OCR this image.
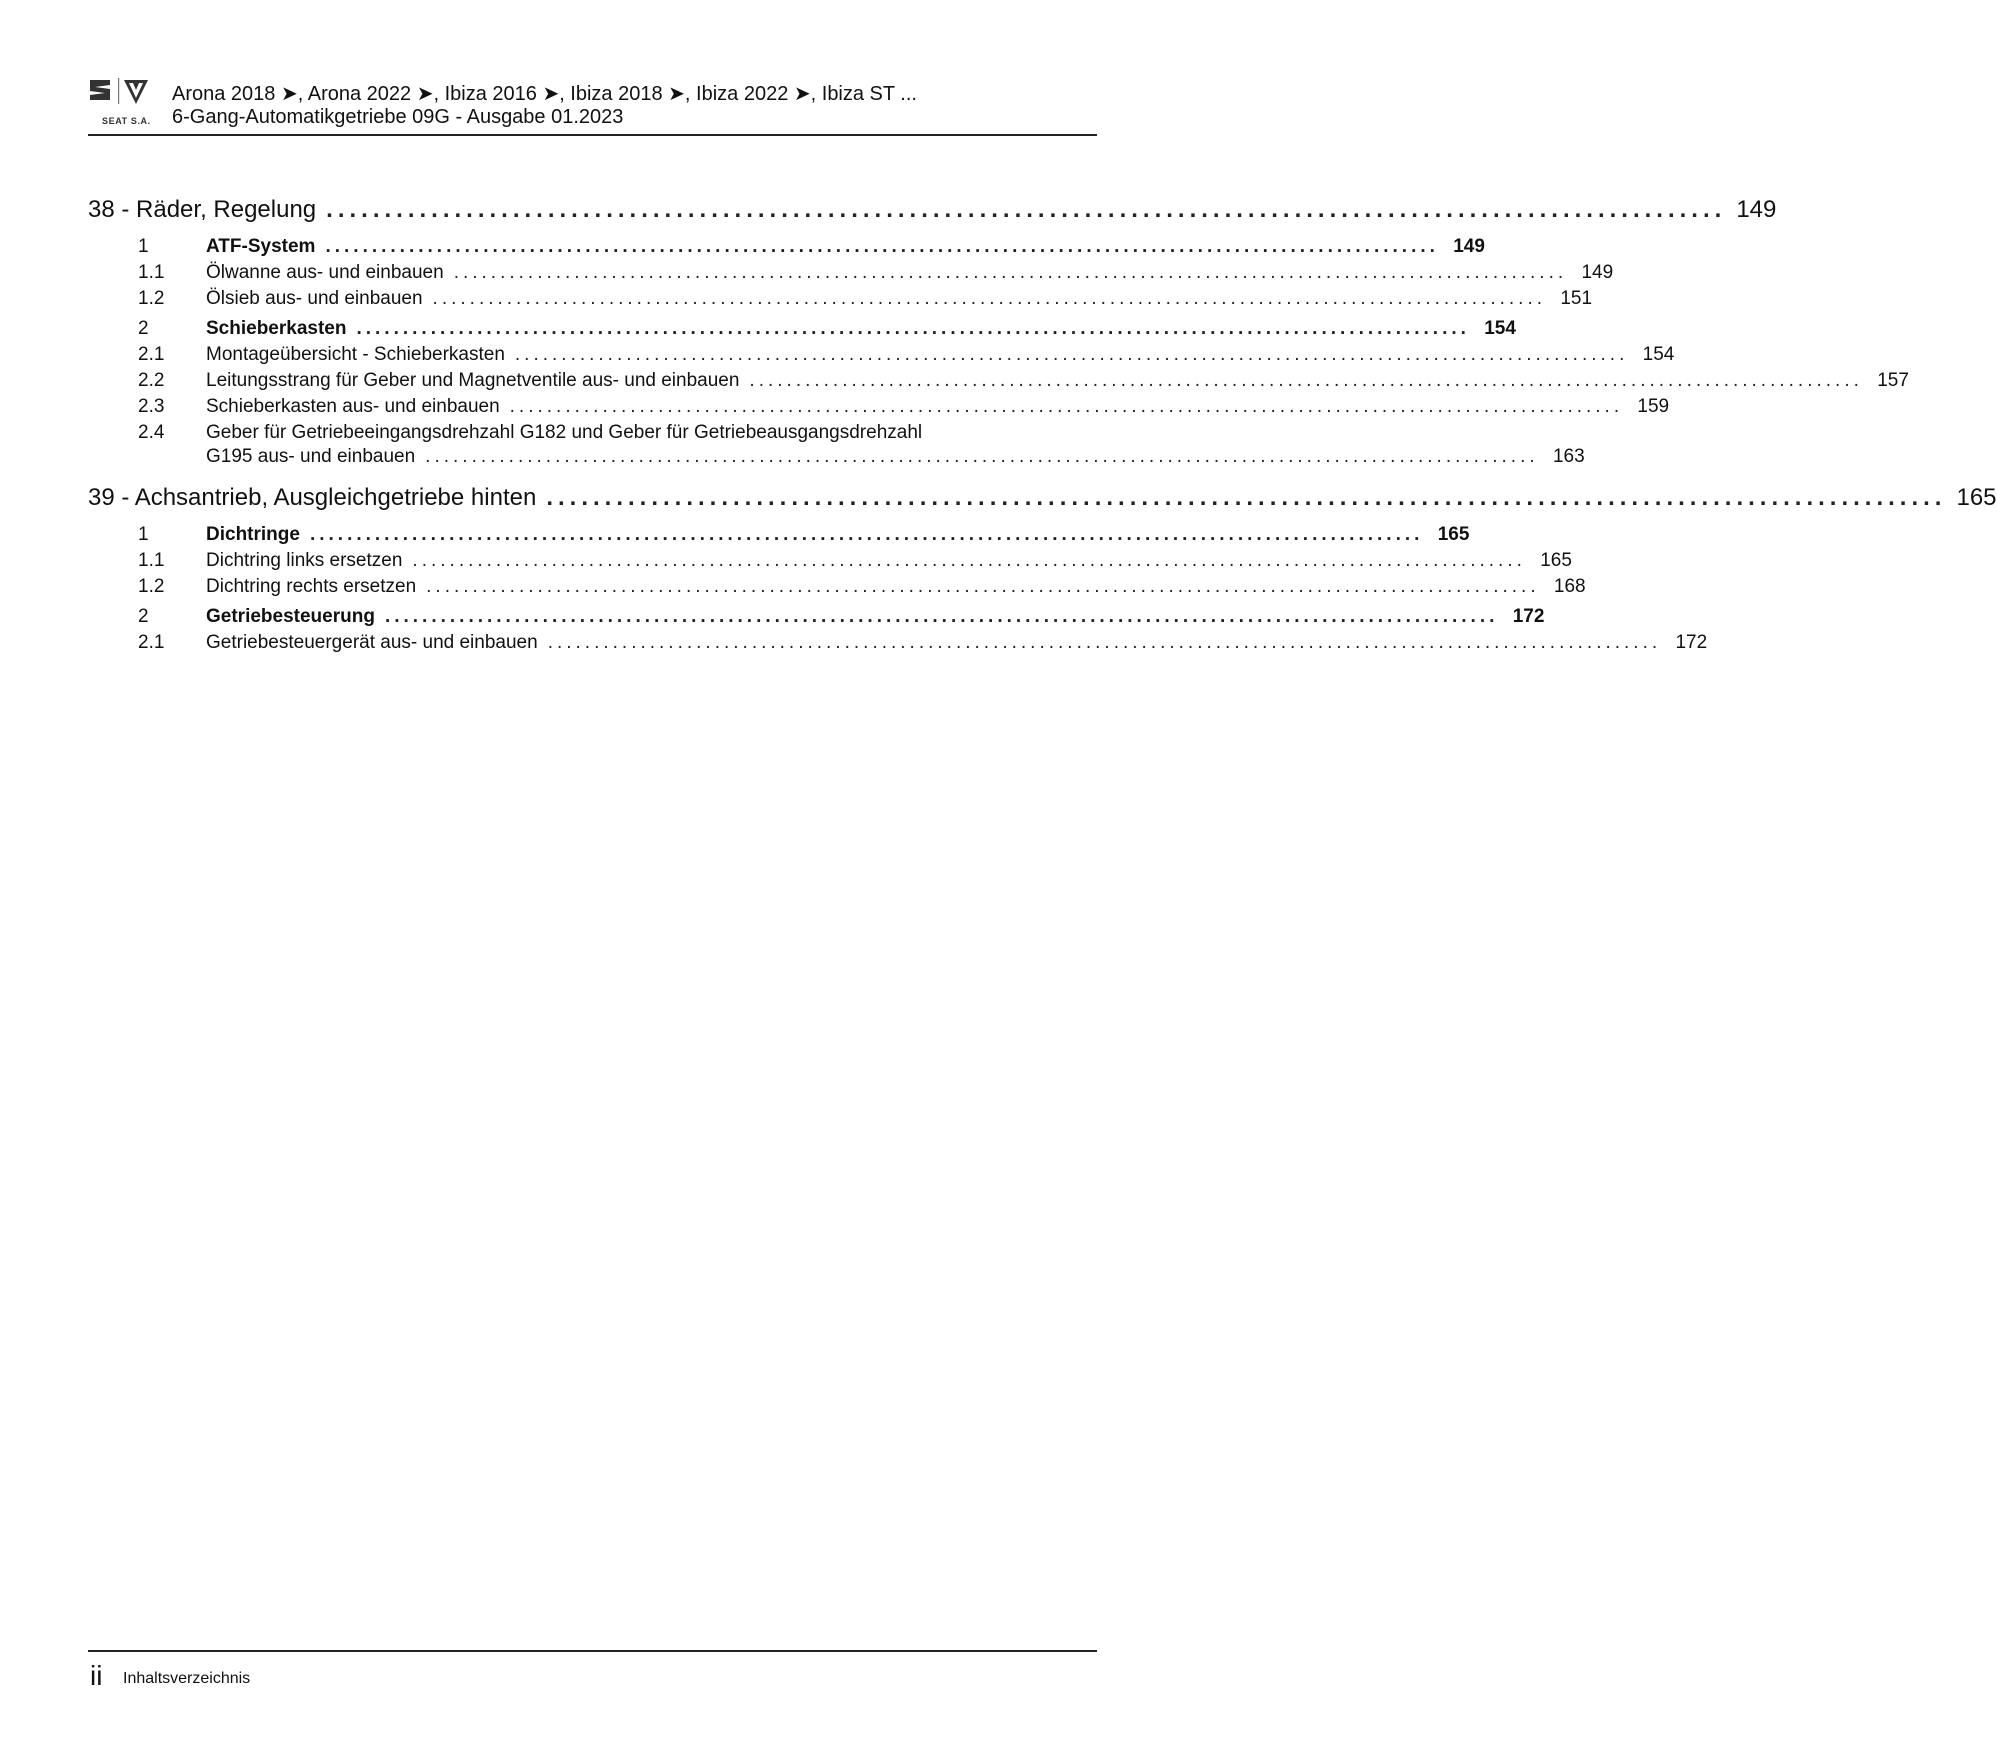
SEAT S.A.
Arona 2018 ➤, Arona 2022 ➤, Ibiza 2016 ➤, Ibiza 2018 ➤, Ibiza 2022 ➤, Ibiza ST ...
6-Gang-Automatikgetriebe 09G - Ausgabe 01.2023
38 - Räder, Regelung ........................................................................................................................ 149
1	ATF-System ........................................................................................................................ 149
1.1	Ölwanne aus- und einbauen ........................................................................................................................ 149
1.2	Ölsieb aus- und einbauen ........................................................................................................................ 151
2	Schieberkasten ........................................................................................................................ 154
2.1	Montageübersicht - Schieberkasten ........................................................................................................................ 154
2.2	Leitungsstrang für Geber und Magnetventile aus- und einbauen ........................................................................................................................ 157
2.3	Schieberkasten aus- und einbauen ........................................................................................................................ 159
2.4	Geber für Getriebeeingangsdrehzahl G182 und Geber für Getriebeausgangsdrehzahl
G195 aus- und einbauen ........................................................................................................................ 163
39 - Achsantrieb, Ausgleichgetriebe hinten ........................................................................................................................ 165
1	Dichtringe ........................................................................................................................ 165
1.1	Dichtring links ersetzen ........................................................................................................................ 165
1.2	Dichtring rechts ersetzen ........................................................................................................................ 168
2	Getriebesteuerung ........................................................................................................................ 172
2.1	Getriebesteuergerät aus- und einbauen ........................................................................................................................ 172
ii Inhaltsverzeichnis
